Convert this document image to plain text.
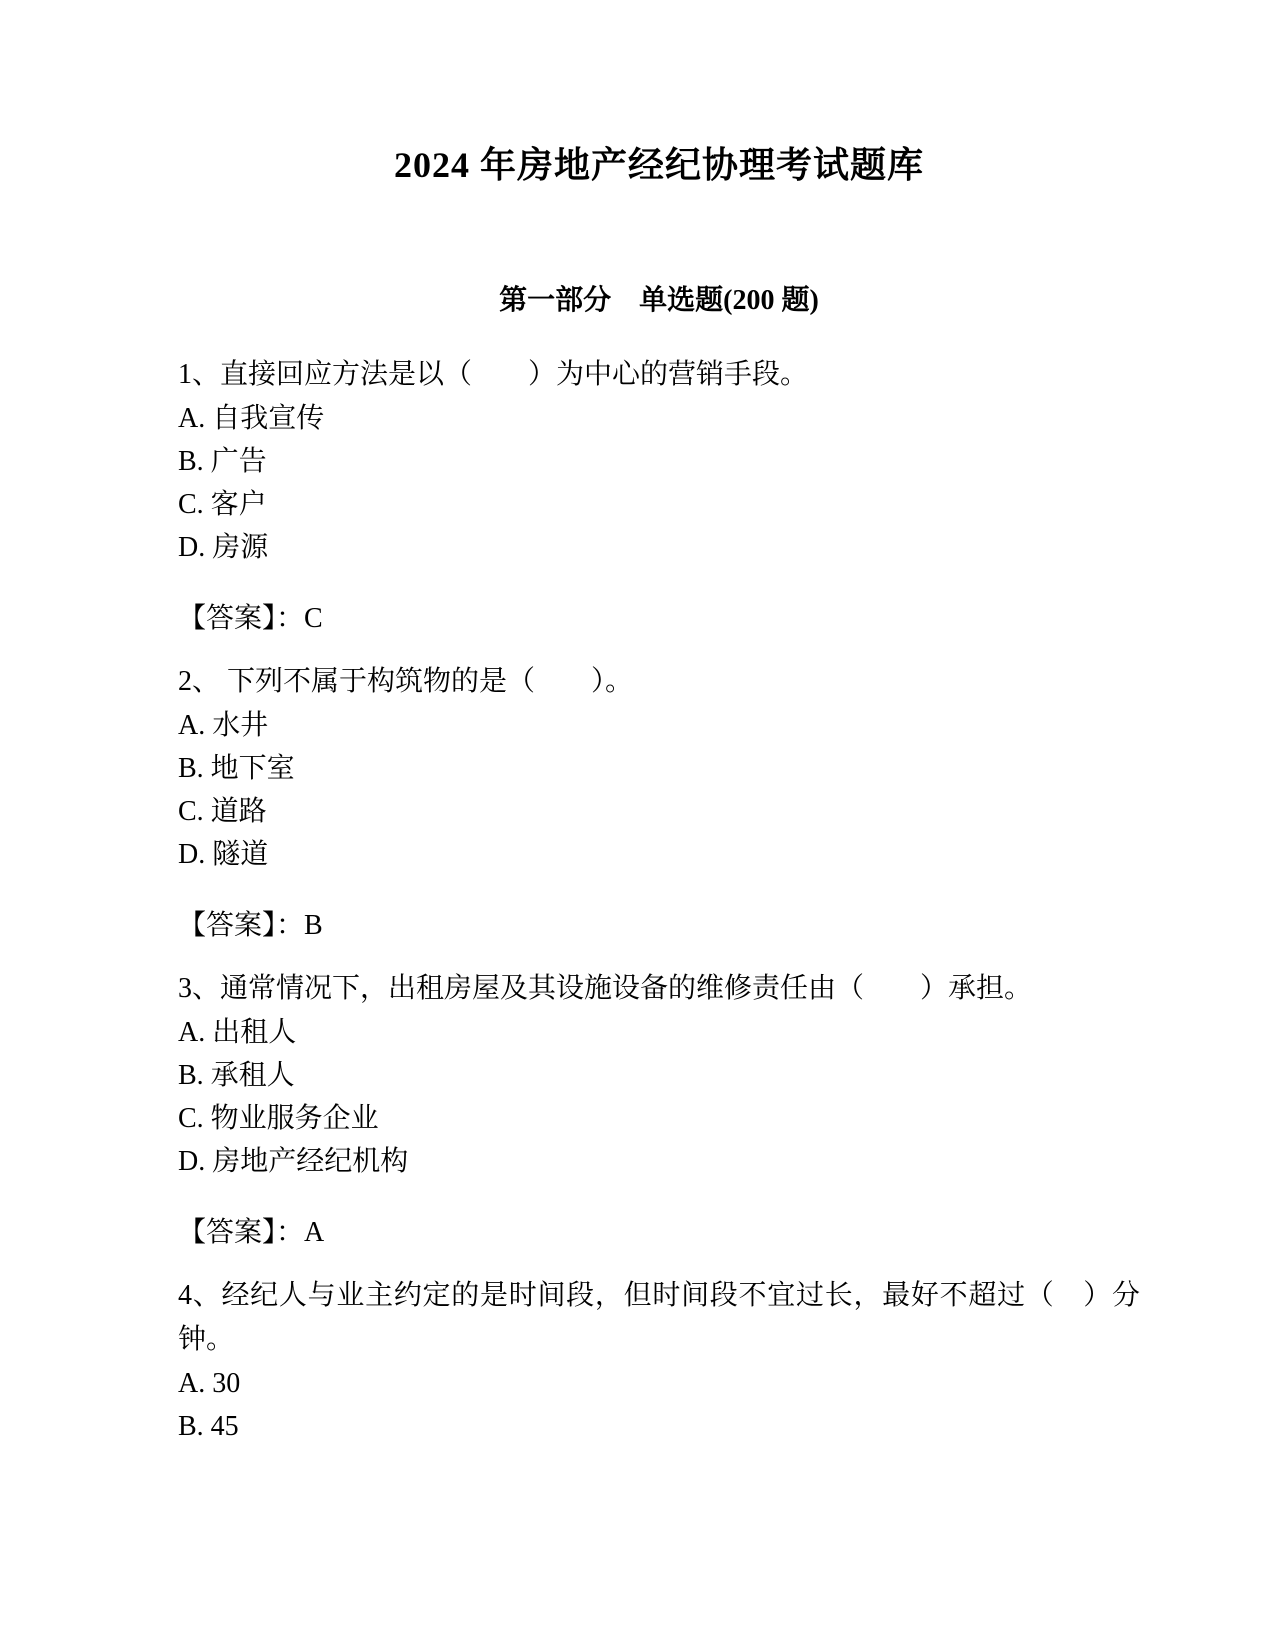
2024 年房地产经纪协理考试题库
第一部分　单选题(200 题)

1、直接回应方法是以（　　）为中心的营销手段。

A. 自我宣传

B. 广告

C. 客户

D. 房源

【答案】：C

2、 下列不属于构筑物的是（　　）。

A. 水井

B. 地下室

C. 道路

D. 隧道

【答案】：B

3、通常情况下，出租房屋及其设施设备的维修责任由（　　）承担。

A. 出租人

B. 承租人

C. 物业服务企业

D. 房地产经纪机构

【答案】：A

4、经纪人与业主约定的是时间段，但时间段不宜过长，最好不超过（　）分钟。

A. 30

B. 45
